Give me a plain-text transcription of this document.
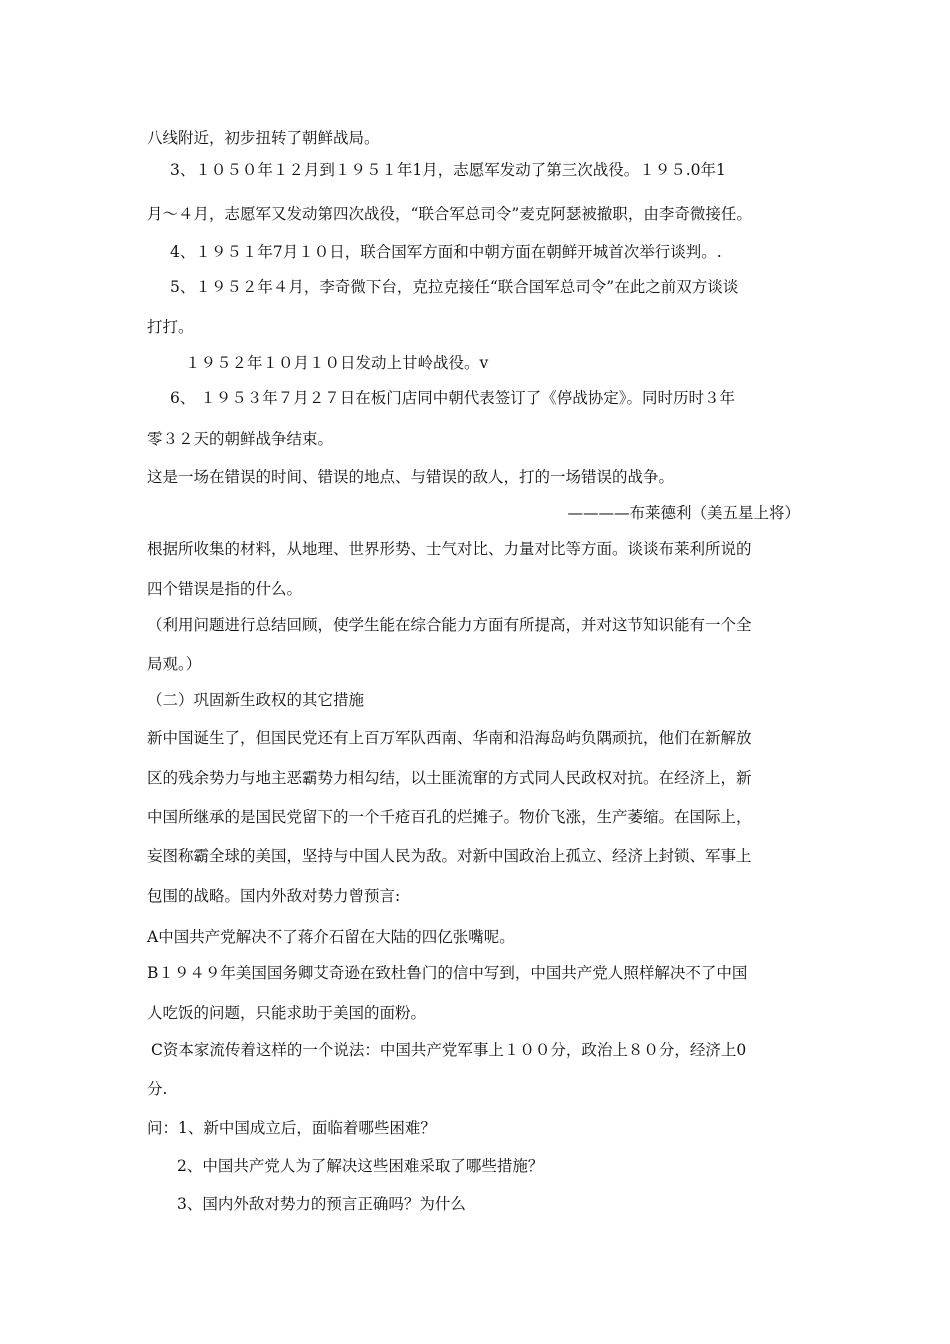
八线附近，初步扭转了朝鲜战局。
3、１０５０年１２月到１９５１年1月，志愿军发动了第三次战役。１９５.0年1
月～４月，志愿军又发动第四次战役，“联合军总司令”麦克阿瑟被撤职，由李奇微接任。
4、１９５１年7月１０日，联合国军方面和中朝方面在朝鲜开城首次举行谈判。.
5、１９５２年４月，李奇微下台，克拉克接任“联合国军总司令”在此之前双方谈谈
打打。
１９５２年１０月１０日发动上甘岭战役。v
6、 １９５３年７月２７日在板门店同中朝代表签订了《停战协定》。同时历时３年
零３２天的朝鲜战争结束。
这是一场在错误的时间、错误的地点、与错误的敌人，打的一场错误的战争。
————布莱德利（美五星上将）
根据所收集的材料，从地理、世界形势、士气对比、力量对比等方面。谈谈布莱利所说的
四个错误是指的什么。
（利用问题进行总结回顾，使学生能在综合能力方面有所提高，并对这节知识能有一个全
局观。）
（二）巩固新生政权的其它措施
新中国诞生了，但国民党还有上百万军队西南、华南和沿海岛屿负隅顽抗，他们在新解放
区的残余势力与地主恶霸势力相勾结，以土匪流窜的方式同人民政权对抗。在经济上，新
中国所继承的是国民党留下的一个千疮百孔的烂摊子。物价飞涨，生产萎缩。在国际上，
妄图称霸全球的美国，坚持与中国人民为敌。对新中国政治上孤立、经济上封锁、军事上
包围的战略。国内外敌对势力曾预言:
A中国共产党解决不了蒋介石留在大陆的四亿张嘴呢。
B１９４９年美国国务卿艾奇逊在致杜鲁门的信中写到，中国共产党人照样解决不了中国
人吃饭的问题，只能求助于美国的面粉。
C资本家流传着这样的一个说法：中国共产党军事上１００分，政治上８０分，经济上0
分.
问：1、新中国成立后，面临着哪些困难？
2、中国共产党人为了解决这些困难采取了哪些措施？
3、国内外敌对势力的预言正确吗？为什么
